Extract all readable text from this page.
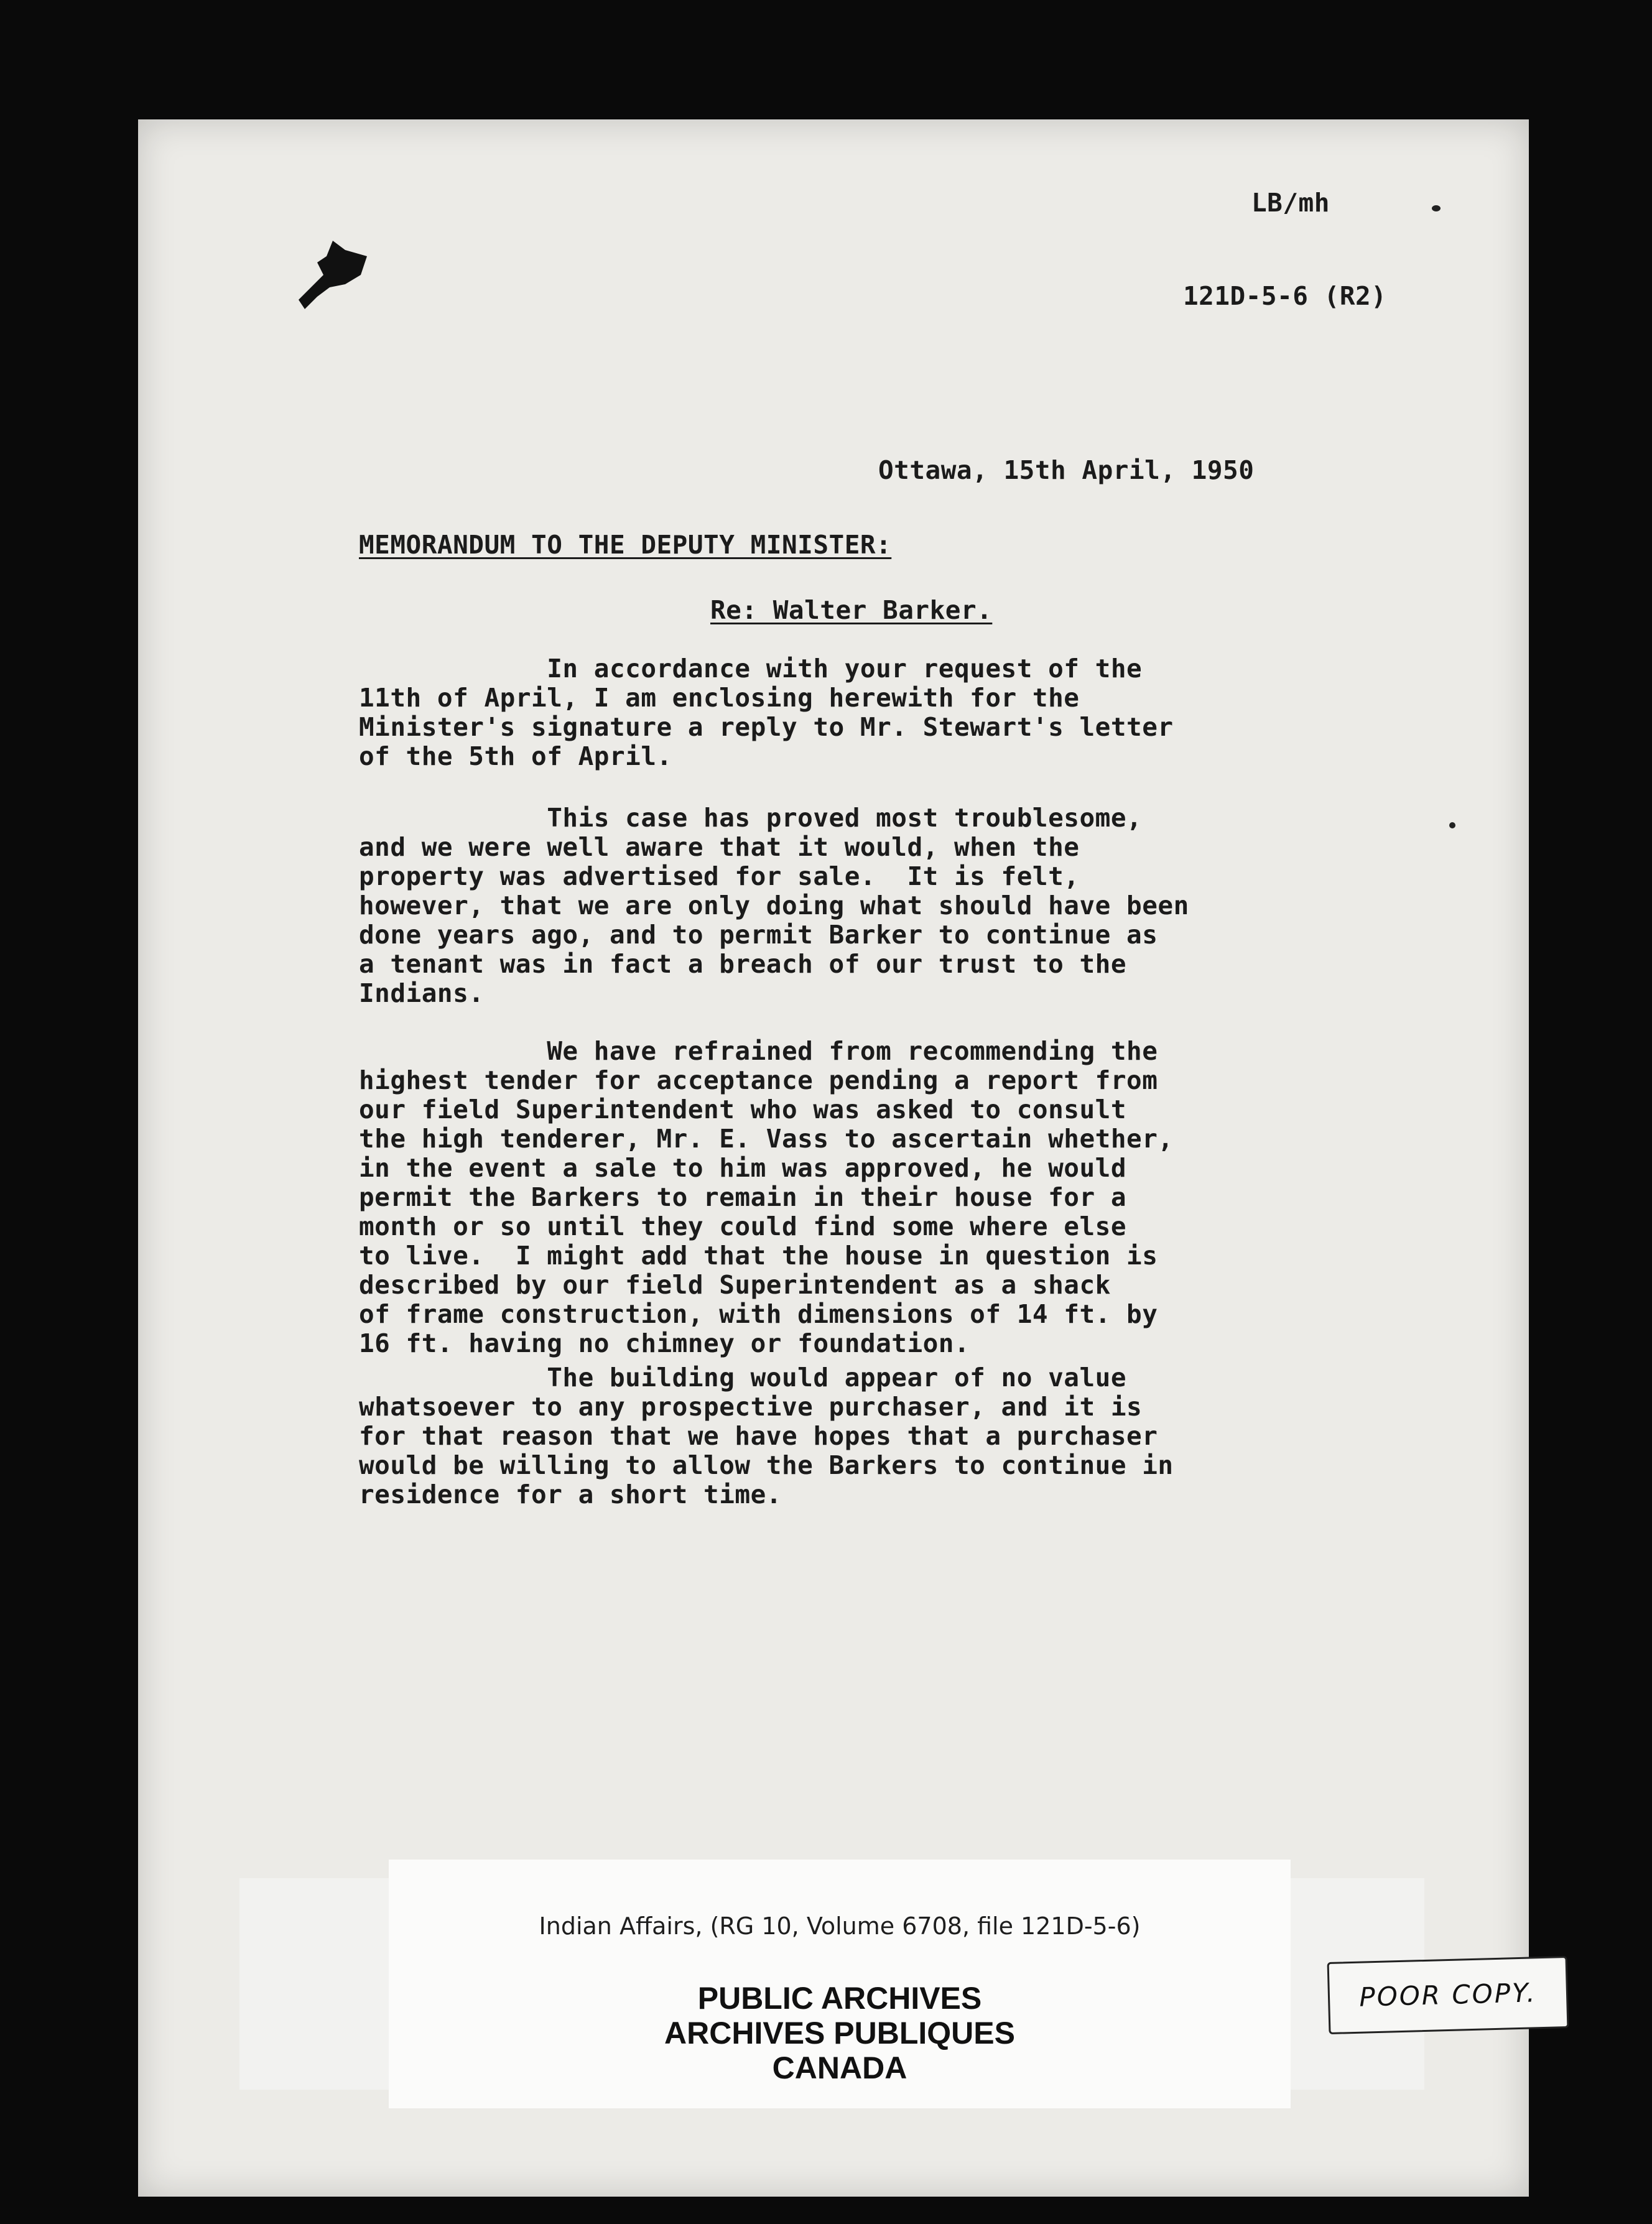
LB/mh
121D-5-6 (R2)
Ottawa, 15th April, 1950
MEMORANDUM TO THE DEPUTY MINISTER:
Re: Walter Barker.
In accordance with your request of the
11th of April, I am enclosing herewith for the
Minister's signature a reply to Mr. Stewart's letter
of the 5th of April.
This case has proved most troublesome,
and we were well aware that it would, when the
property was advertised for sale.  It is felt,
however, that we are only doing what should have been
done years ago, and to permit Barker to continue as
a tenant was in fact a breach of our trust to the
Indians.
We have refrained from recommending the
highest tender for acceptance pending a report from
our field Superintendent who was asked to consult
the high tenderer, Mr. E. Vass to ascertain whether,
in the event a sale to him was approved, he would
permit the Barkers to remain in their house for a
month or so until they could find some where else
to live.  I might add that the house in question is
described by our field Superintendent as a shack
of frame construction, with dimensions of 14 ft. by
16 ft. having no chimney or foundation.
The building would appear of no value
whatsoever to any prospective purchaser, and it is
for that reason that we have hopes that a purchaser
would be willing to allow the Barkers to continue in
residence for a short time.
Indian Affairs, (RG 10, Volume 6708, file 121D-5-6)
PUBLIC ARCHIVES
ARCHIVES PUBLIQUES
CANADA
POOR COPY.
